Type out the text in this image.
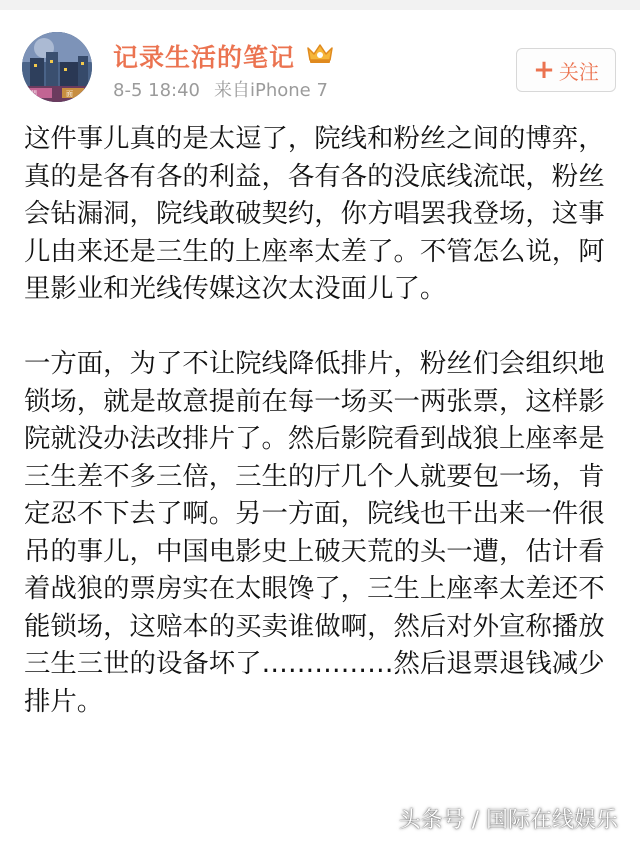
門	面
记录生活的笔记
8-5 18:40 来自iPhone 7
+ 关注

这件事儿真的是太逗了，院线和粉丝之间的博弈，真的是各有各的利益，各有各的没底线流氓，粉丝会钻漏洞，院线敢破契约，你方唱罢我登场，这事儿由来还是三生的上座率太差了。不管怎么说，阿里影业和光线传媒这次太没面儿了。

一方面，为了不让院线降低排片，粉丝们会组织地锁场，就是故意提前在每一场买一两张票，这样影院就没办法改排片了。然后影院看到战狼上座率是三生差不多三倍，三生的厅几个人就要包一场，肯定忍不下去了啊。另一方面，院线也干出来一件很吊的事儿，中国电影史上破天荒的头一遭，估计看着战狼的票房实在太眼馋了，三生上座率太差还不能锁场，这赔本的买卖谁做啊，然后对外宣称播放三生三世的设备坏了……………然后退票退钱减少排片。

头条号 / 国际在线娱乐
